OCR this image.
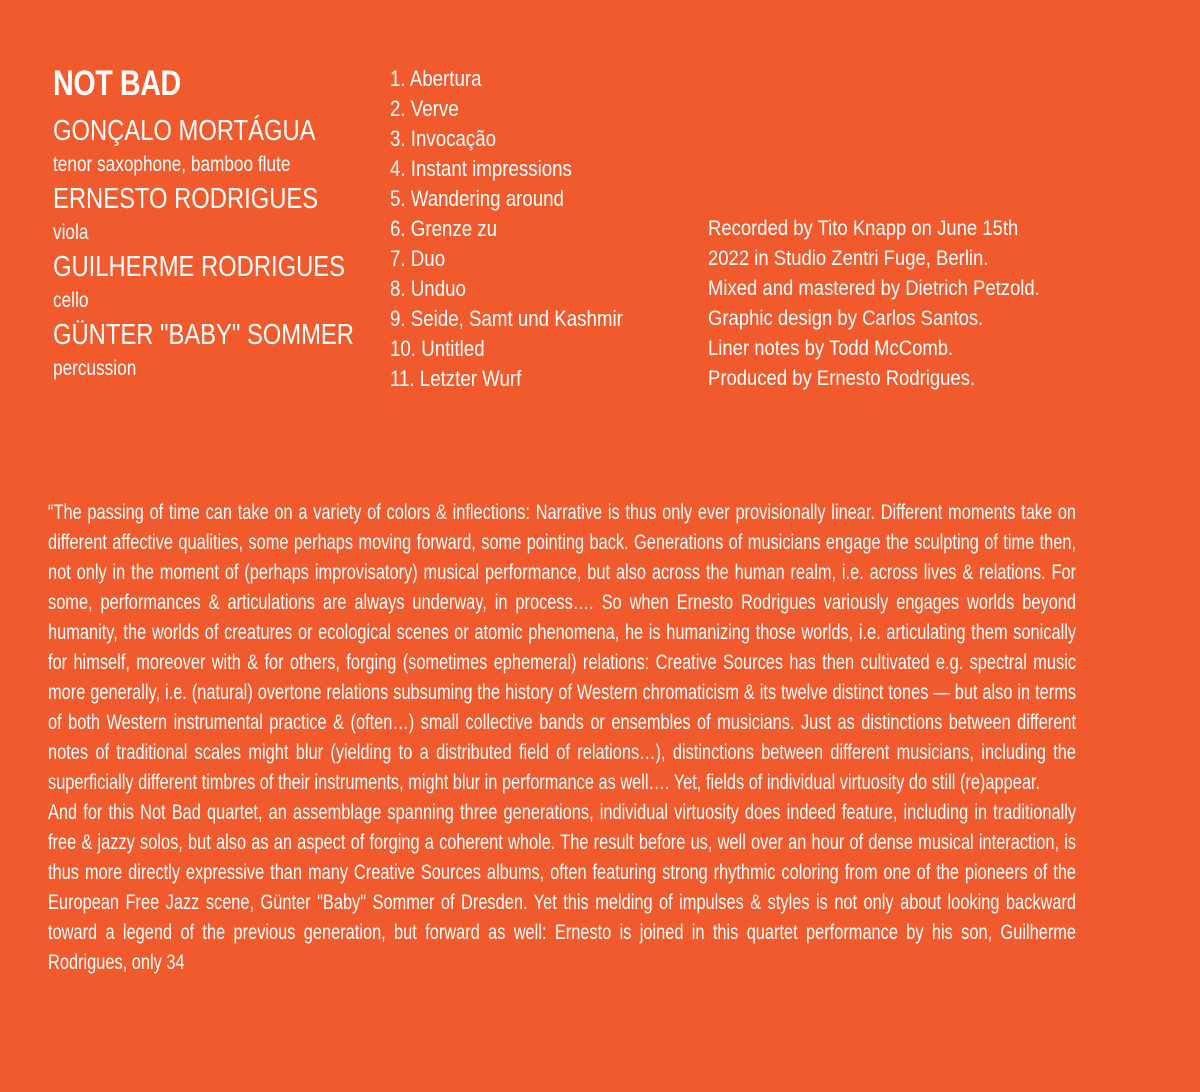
NOT BAD
GONÇALO MORTÁGUA
tenor saxophone, bamboo flute
ERNESTO RODRIGUES
viola
GUILHERME RODRIGUES
cello
GÜNTER "BABY" SOMMER
percussion
1. Abertura
2. Verve
3. Invocação
4. Instant impressions
5. Wandering around
6. Grenze zu
7. Duo
8. Unduo
9. Seide, Samt und Kashmir
10. Untitled
11. Letzter Wurf
Recorded by Tito Knapp on June 15th
2022 in Studio Zentri Fuge, Berlin.
Mixed and mastered by Dietrich Petzold.
Graphic design by Carlos Santos.
Liner notes by Todd McComb.
Produced by Ernesto Rodrigues.

“The passing of time can take on a variety of colors & inflections: Narrative is thus only ever provisionally linear. Different moments take on different affective qualities, some perhaps moving forward, some pointing back. Generations of musicians engage the sculpting of time then, not only in the moment of (perhaps improvisatory) musical performance, but also across the human realm, i.e. across lives & relations. For some, performances & articulations are always underway, in process…. So when Ernesto Rodrigues variously engages worlds beyond humanity, the worlds of creatures or ecological scenes or atomic phenomena, he is humanizing those worlds, i.e. articulating them sonically for himself, moreover with & for others, forging (sometimes ephemeral) relations: Creative Sources has then cultivated e.g. spectral music more generally, i.e. (natural) overtone relations subsuming the history of Western chromaticism & its twelve distinct tones — but also in terms of both Western instrumental practice & (often…) small collective bands or ensembles of musicians. Just as distinctions between different notes of traditional scales might blur (yielding to a distributed field of relations…), distinctions between different musicians, including the superficially different timbres of their instruments, might blur in performance as well…. Yet, fields of individual virtuosity do still (re)appear.

And for this Not Bad quartet, an assemblage spanning three generations, individual virtuosity does indeed feature, including in traditionally free & jazzy solos, but also as an aspect of forging a coherent whole. The result before us, well over an hour of dense musical interaction, is thus more directly expressive than many Creative Sources albums, often featuring strong rhythmic coloring from one of the pioneers of the European Free Jazz scene, Günter "Baby" Sommer of Dresden. Yet this melding of impulses & styles is not only about looking backward toward a legend of the previous generation, but forward as well: Ernesto is joined in this quartet performance by his son, Guilherme Rodrigues, only 34
